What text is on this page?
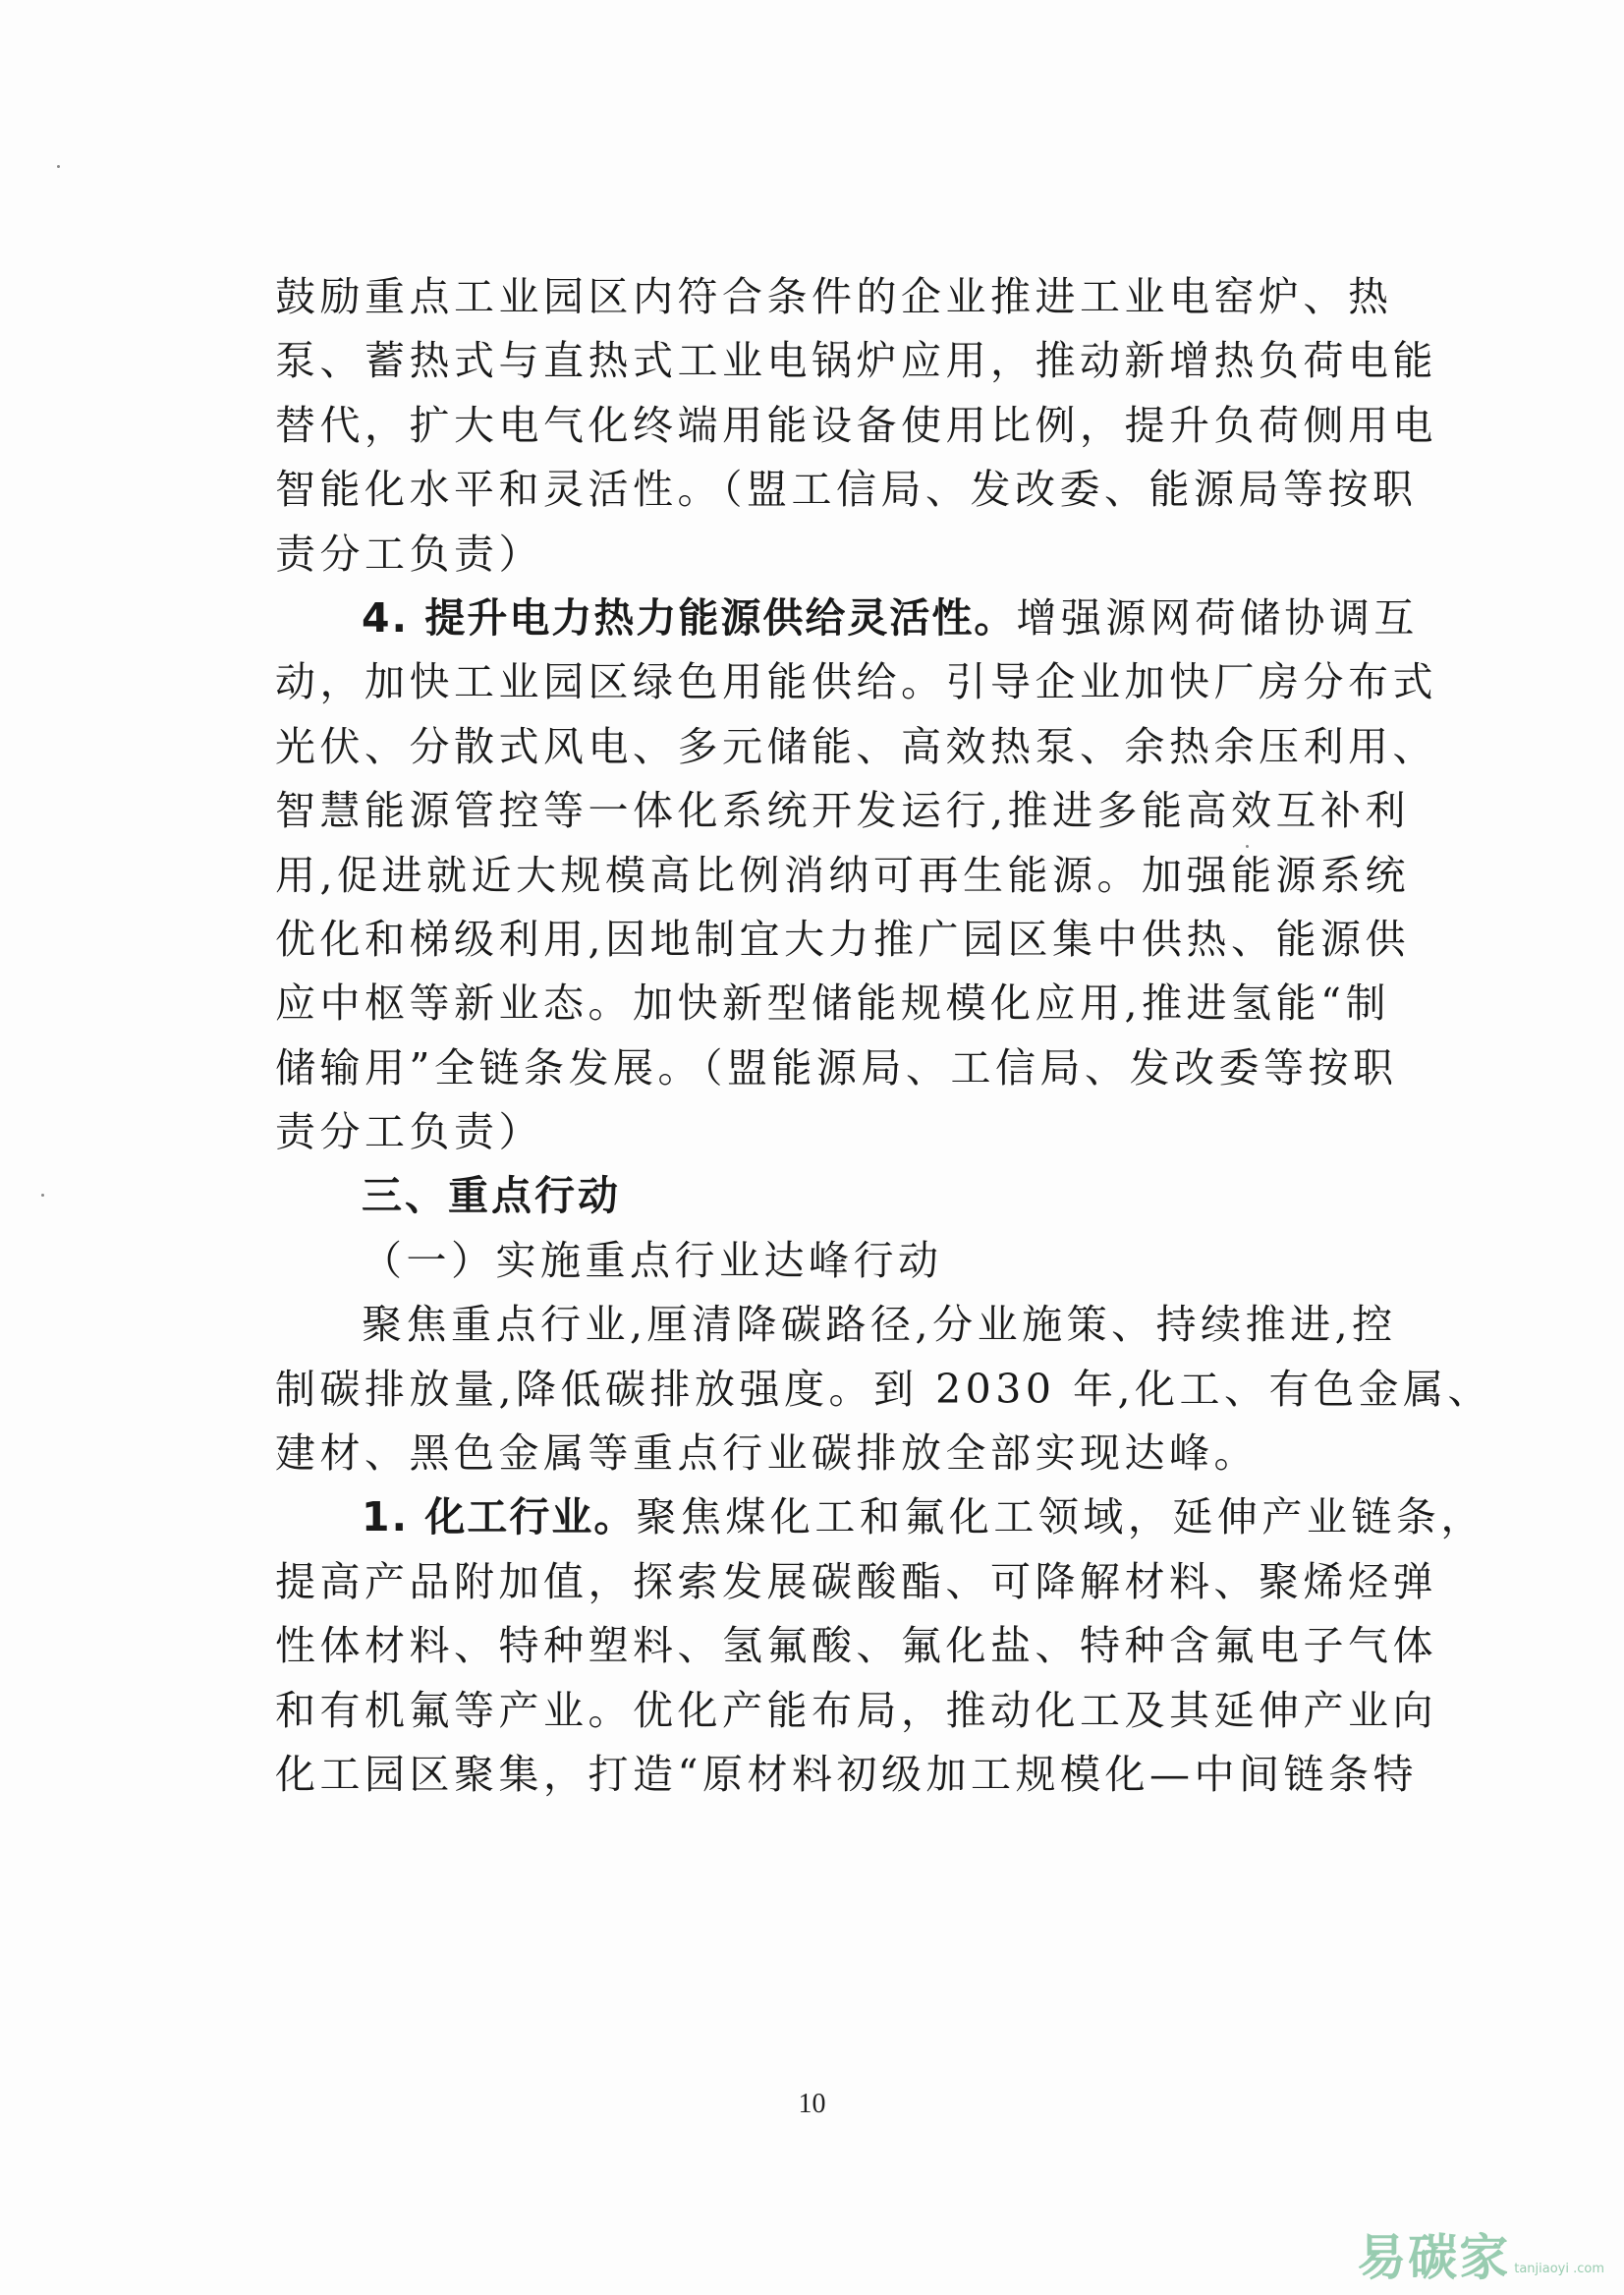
鼓励重点工业园区内符合条件的企业推进工业电窑炉、热
泵、蓄热式与直热式工业电锅炉应用，推动新增热负荷电能
替代，扩大电气化终端用能设备使用比例，提升负荷侧用电
智能化水平和灵活性。（盟工信局、发改委、能源局等按职
责分工负责）
4. 提升电力热力能源供给灵活性。增强源网荷储协调互
动，加快工业园区绿色用能供给。引导企业加快厂房分布式
光伏、分散式风电、多元储能、高效热泵、余热余压利用、
智慧能源管控等一体化系统开发运行,推进多能高效互补利
用,促进就近大规模高比例消纳可再生能源。加强能源系统
优化和梯级利用,因地制宜大力推广园区集中供热、能源供
应中枢等新业态。加快新型储能规模化应用,推进氢能“制
储输用”全链条发展。（盟能源局、工信局、发改委等按职
责分工负责）
三、重点行动
（一）实施重点行业达峰行动
聚焦重点行业,厘清降碳路径,分业施策、持续推进,控
制碳排放量,降低碳排放强度。到 2030 年,化工、有色金属、
建材、黑色金属等重点行业碳排放全部实现达峰。
1. 化工行业。聚焦煤化工和氟化工领域，延伸产业链条，
提高产品附加值，探索发展碳酸酯、可降解材料、聚烯烃弹
性体材料、特种塑料、氢氟酸、氟化盐、特种含氟电子气体
和有机氟等产业。优化产能布局，推动化工及其延伸产业向
化工园区聚集，打造“原材料初级加工规模化—中间链条特
10
易碳家 tanjiaoyi .com
